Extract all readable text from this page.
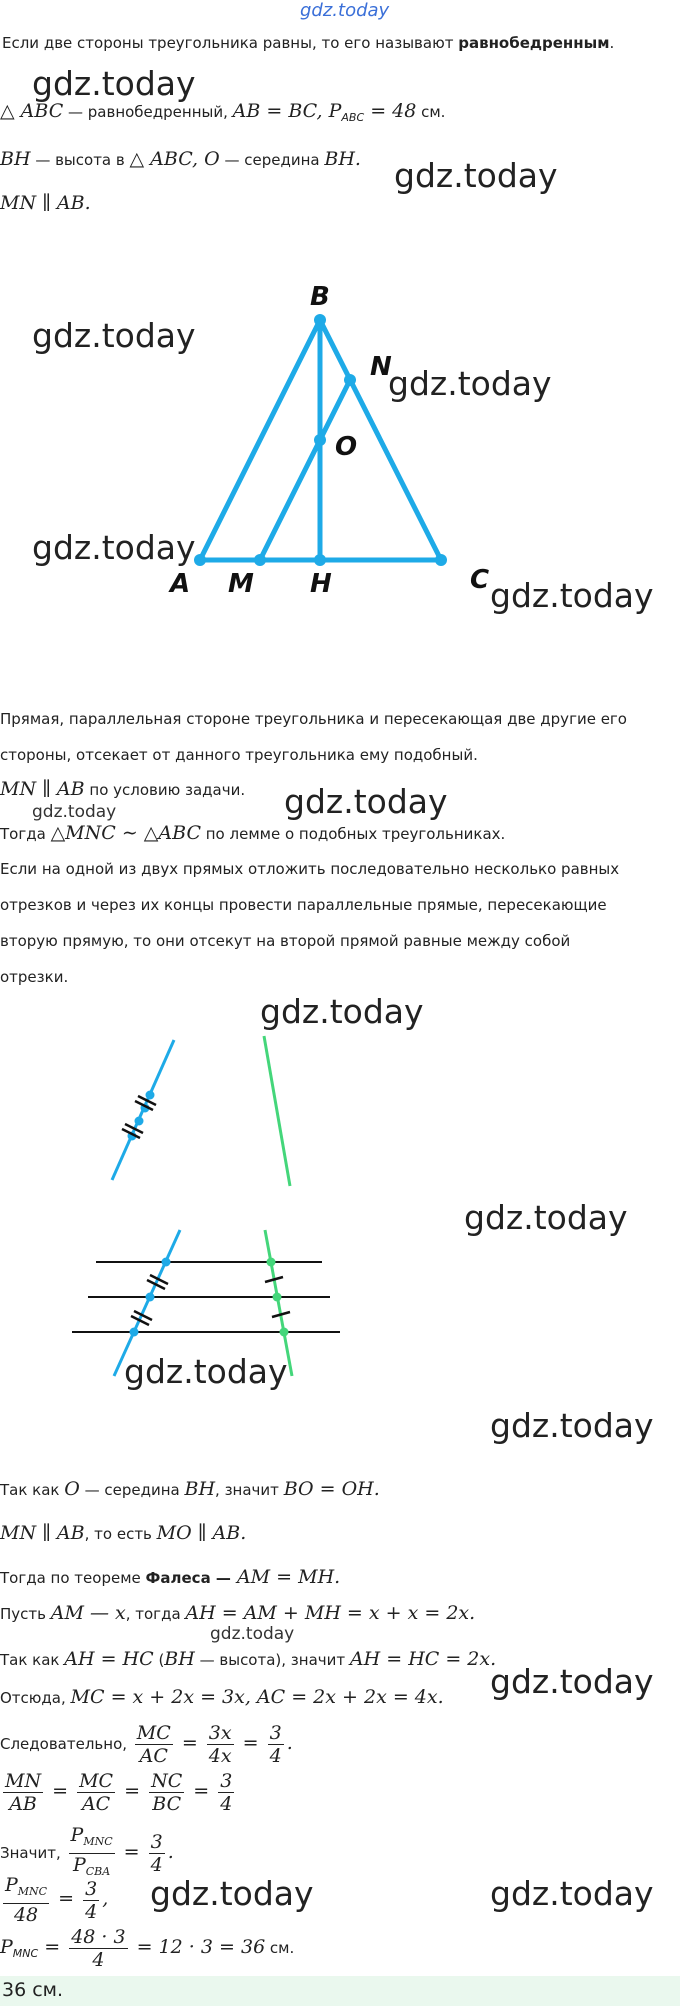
gdz.today
Если две стороны треугольника равны, то его называют равнобедренным.
△ ABC — равнобедренный, AB = BC, $P_{ABC} = 48$ см.
BH — высота в △ ABC, O — середина BH.
MN ∥ AB.
B
N
O
A M H	C
Прямая, параллельная стороне треугольника и пересекающая две другие его
стороны, отсекает от данного треугольника ему подобный.
MN ∥ AB по условию задачи.
Тогда △MNC ∼ △ABC по лемме о подобных треугольниках.
Если на одной из двух прямых отложить последовательно несколько равных
отрезков и через их концы провести параллельные прямые, пересекающие
вторую прямую, то они отсекут на второй прямой равные между собой
отрезки.
Так как O — середина BH, значит BO = OH.
MN ∥ AB, то есть MO ∥ AB.
Тогда по теореме Фалеса — AM = MH.
Пусть AM — x, тогда AH = AM + MH = x + x = 2x.
Так как AH = HC (BH — высота), значит AH = HC = 2x.
Отсюда, MC = x + 2x = 3x, AC = 2x + 2x = 4x.
Следовательно, $\frac{MC}{AC} = \frac{3x}{4x} = \frac{3}{4}$ .
$\frac{MN}{AB} = \frac{MC}{AC} = \frac{NC}{BC} = \frac{3}{4}$
Значит, $\frac{P_{MNC}}{P_{CBA}} = \frac{3}{4}$ .
$\frac{P_{MNC}}{48} = \frac{3}{4}$ ,
$P_{MNC} = \frac{48 \cdot 3}{4} = 12 \cdot 3 = 36$ см.
36 см.
gdz.today
gdz.today
gdz.today
gdz.today
gdz.today
gdz.today
gdz.today
gdz.today
gdz.today
gdz.today
gdz.today
gdz.today
gdz.today
gdz.today
gdz.today	gdz.today
